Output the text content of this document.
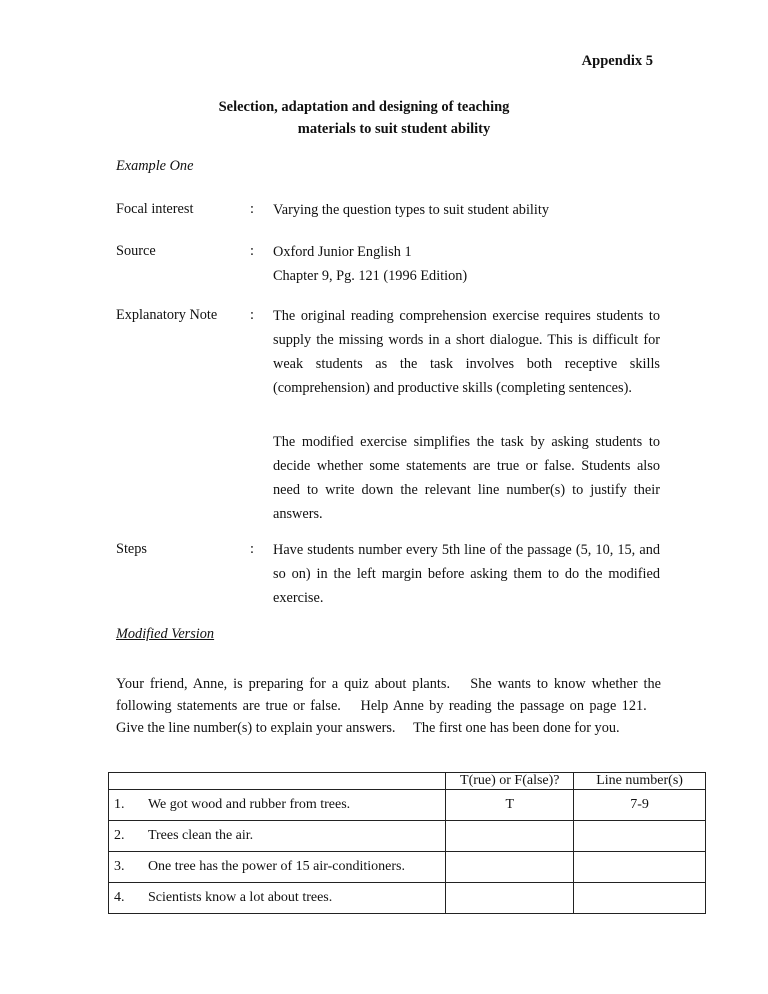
Appendix 5
Selection, adaptation and designing of teaching
materials to suit student ability
Example One
Focal interest	: Varying the question types to suit student ability
Source	: Oxford Junior English 1
Chapter 9, Pg. 121 (1996 Edition)
Explanatory Note : The original reading comprehension exercise requires students to supply the missing words in a short dialogue. This is difficult for weak students as the task involves both receptive skills (comprehension) and productive skills (completing sentences).
The modified exercise simplifies the task by asking students to decide whether some statements are true or false. Students also need to write down the relevant line number(s) to justify their answers.
Steps	: Have students number every 5th line of the passage (5, 10, 15, and so on) in the left margin before asking them to do the modified exercise.
Modified Version
Your friend, Anne, is preparing for a quiz about plants.  She wants to know whether the following statements are true or false.  Help Anne by reading the passage on page 121.  Give the line number(s) to explain your answers.  The first one has been done for you.
		T(rue) or F(alse)?	Line number(s)
1.	We got wood and rubber from trees.	T	7-9
2.	Trees clean the air.		
3.	One tree has the power of 15 air-conditioners.		
4.	Scientists know a lot about trees.		
